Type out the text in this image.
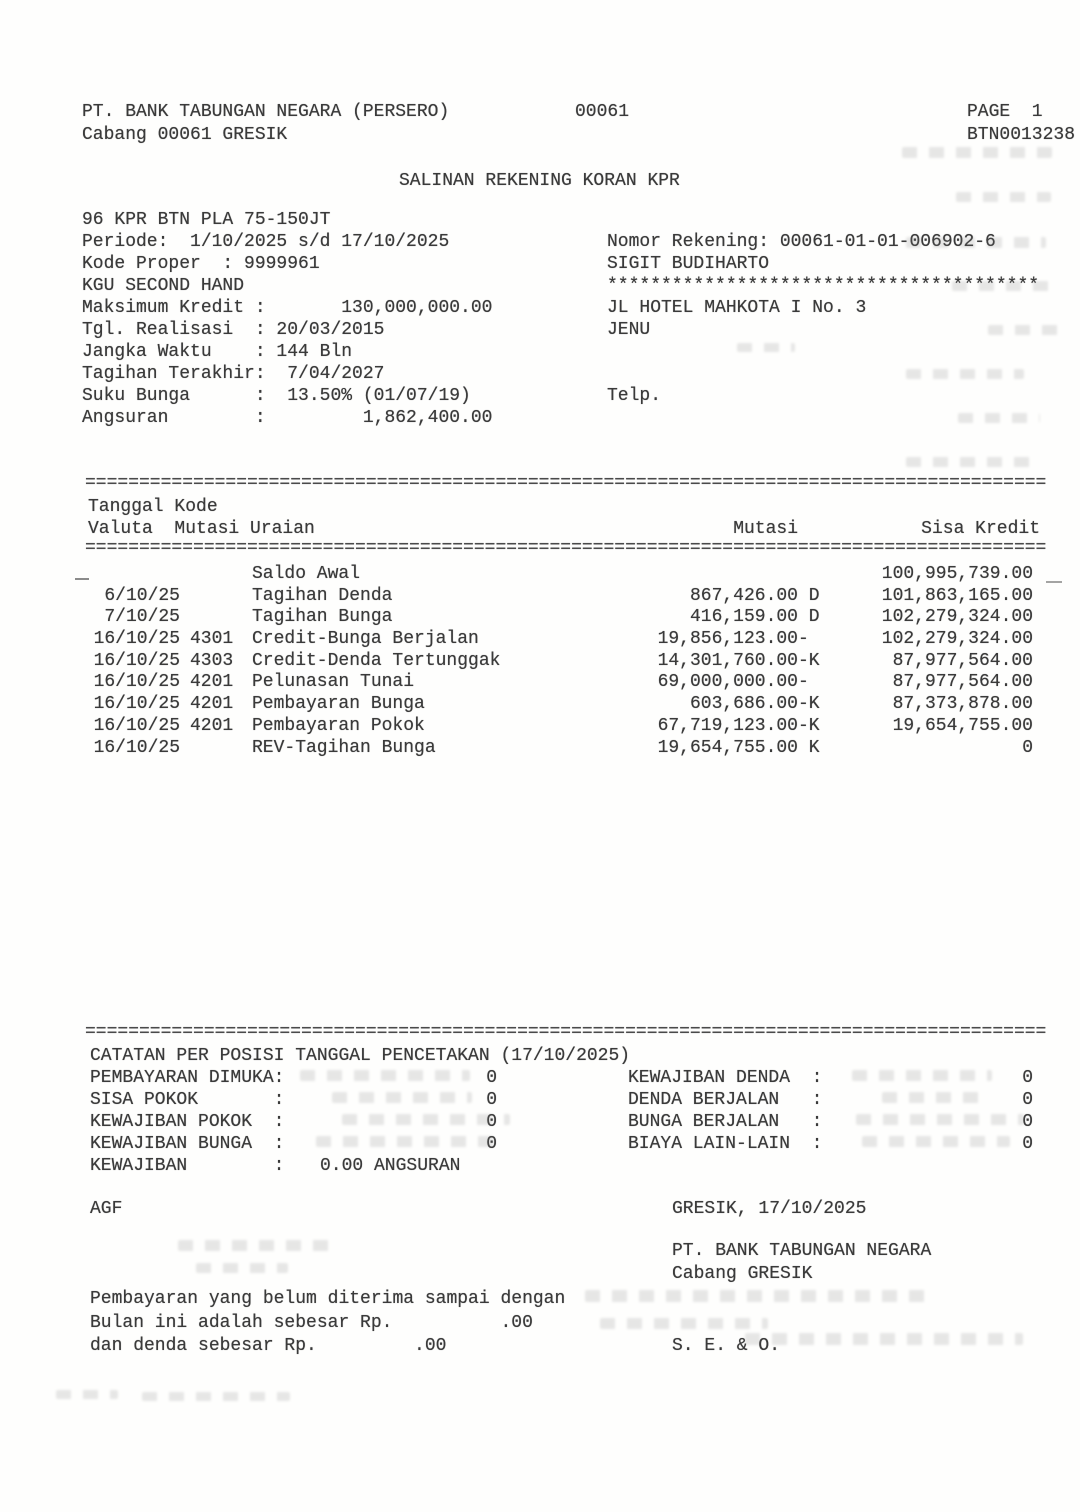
PT. BANK TABUNGAN NEGARA (PERSERO)
Cabang 00061 GRESIK
00061	PAGE  1
BTN0013238
SALINAN REKENING KORAN KPR
96 KPR BTN PLA 75-150JT
Periode:  1/10/2025 s/d 17/10/2025
Kode Proper  : 9999961
KGU SECOND HAND
Maksimum Kredit :       130,000,000.00
Tgl. Realisasi  : 20/03/2015
Jangka Waktu    : 144 Bln
Tagihan Terakhir:  7/04/2027
Suku Bunga      :  13.50% (01/07/19)
Angsuran        :         1,862,400.00
Nomor Rekening: 00061-01-01-006902-6
SIGIT BUDIHARTO
****************************************
JL HOTEL MAHKOTA I No. 3
JENU
Telp.
=========================================================================================
Tanggal Kode
Valuta  Mutasi Uraian	Mutasi	Sisa Kredit
=========================================================================================
Saldo Awal	100,995,739.00
6/10/25	Tagihan Denda	867,426.00 D	101,863,165.00
7/10/25	Tagihan Bunga	416,159.00 D	102,279,324.00
16/10/25 4301 Credit-Bunga Berjalan	19,856,123.00 -	102,279,324.00
16/10/25 4303 Credit-Denda Tertunggak	14,301,760.00 -K	87,977,564.00
16/10/25 4201 Pelunasan Tunai	69,000,000.00 -	87,977,564.00
16/10/25 4201 Pembayaran Bunga	603,686.00 -K	87,373,878.00
16/10/25 4201 Pembayaran Pokok	67,719,123.00 -K	19,654,755.00
16/10/25	REV-Tagihan Bunga	19,654,755.00 K	0
=========================================================================================
CATATAN PER POSISI TANGGAL PENCETAKAN (17/10/2025)
PEMBAYARAN DIMUKA:	0
SISA POKOK       :	0
KEWAJIBAN POKOK  :	0
KEWAJIBAN BUNGA  :	0
KEWAJIBAN        : 0.00 ANGSURAN
KEWAJIBAN DENDA  :	0
DENDA BERJALAN   :	0
BUNGA BERJALAN   :	0
BIAYA LAIN-LAIN  :	0
AGF	GRESIK, 17/10/2025
PT. BANK TABUNGAN NEGARA
Cabang GRESIK
Pembayaran yang belum diterima sampai dengan
Bulan ini adalah sebesar Rp.          .00
dan denda sebesar Rp.         .00	S. E. & O.
